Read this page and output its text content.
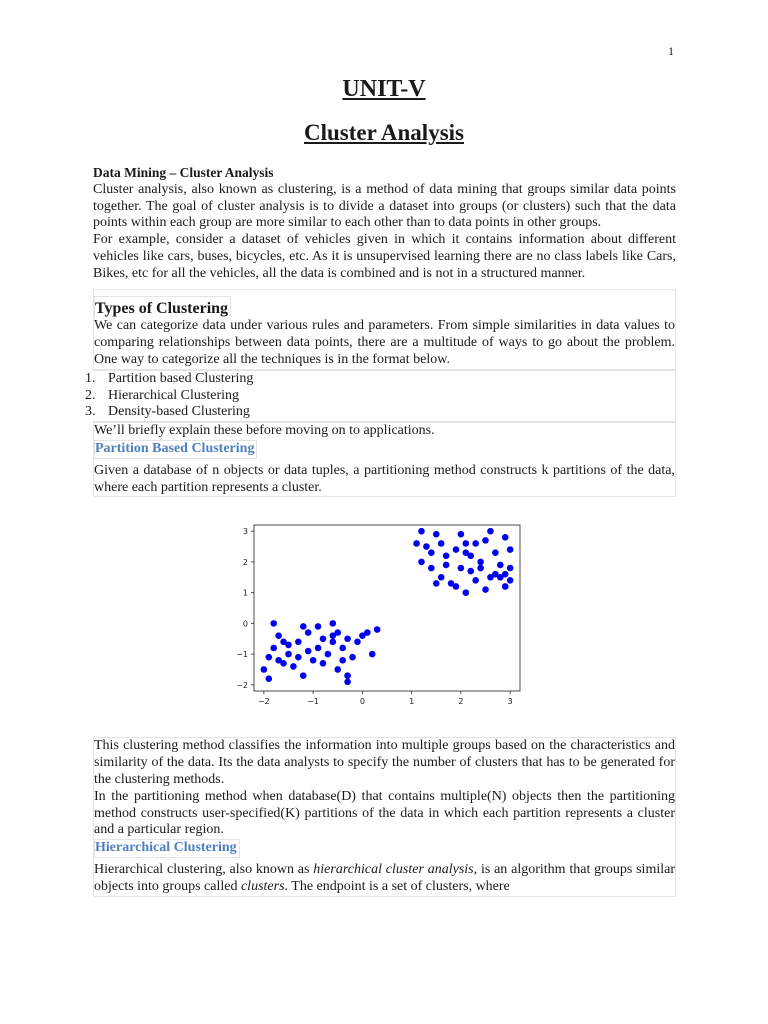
1
UNIT-V
Cluster Analysis
Data Mining – Cluster Analysis

Cluster analysis, also known as clustering, is a method of data mining that groups similar data points together. The goal of cluster analysis is to divide a dataset into groups (or clusters) such that the data points within each group are more similar to each other than to data points in other groups.

For example, consider a dataset of vehicles given in which it contains information about different vehicles like cars, buses, bicycles, etc. As it is unsupervised learning there are no class labels like Cars, Bikes, etc for all the vehicles, all the data is combined and is not in a structured manner.

Types of Clustering

We can categorize data under various rules and parameters. From simple similarities in data values to comparing relationships between data points, there are a multitude of ways to go about the problem. One way to categorize all the techniques is in the format below.

1. Partition based Clustering
2. Hierarchical Clustering
3. Density-based Clustering

We’ll briefly explain these before moving on to applications.

Partition Based Clustering

Given a database of n objects or data tuples, a partitioning method constructs k partitions of the data, where each partition represents a cluster.

−2	−1	0	1	2	3
−2
−1
0
1
2
3

This clustering method classifies the information into multiple groups based on the characteristics and similarity of the data. Its the data analysts to specify the number of clusters that has to be generated for the clustering methods.

In the partitioning method when database(D) that contains multiple(N) objects then the partitioning method constructs user-specified(K) partitions of the data in which each partition represents a cluster and a particular region.

Hierarchical Clustering

Hierarchical clustering, also known as hierarchical cluster analysis, is an algorithm that groups similar objects into groups called clusters. The endpoint is a set of clusters, where
